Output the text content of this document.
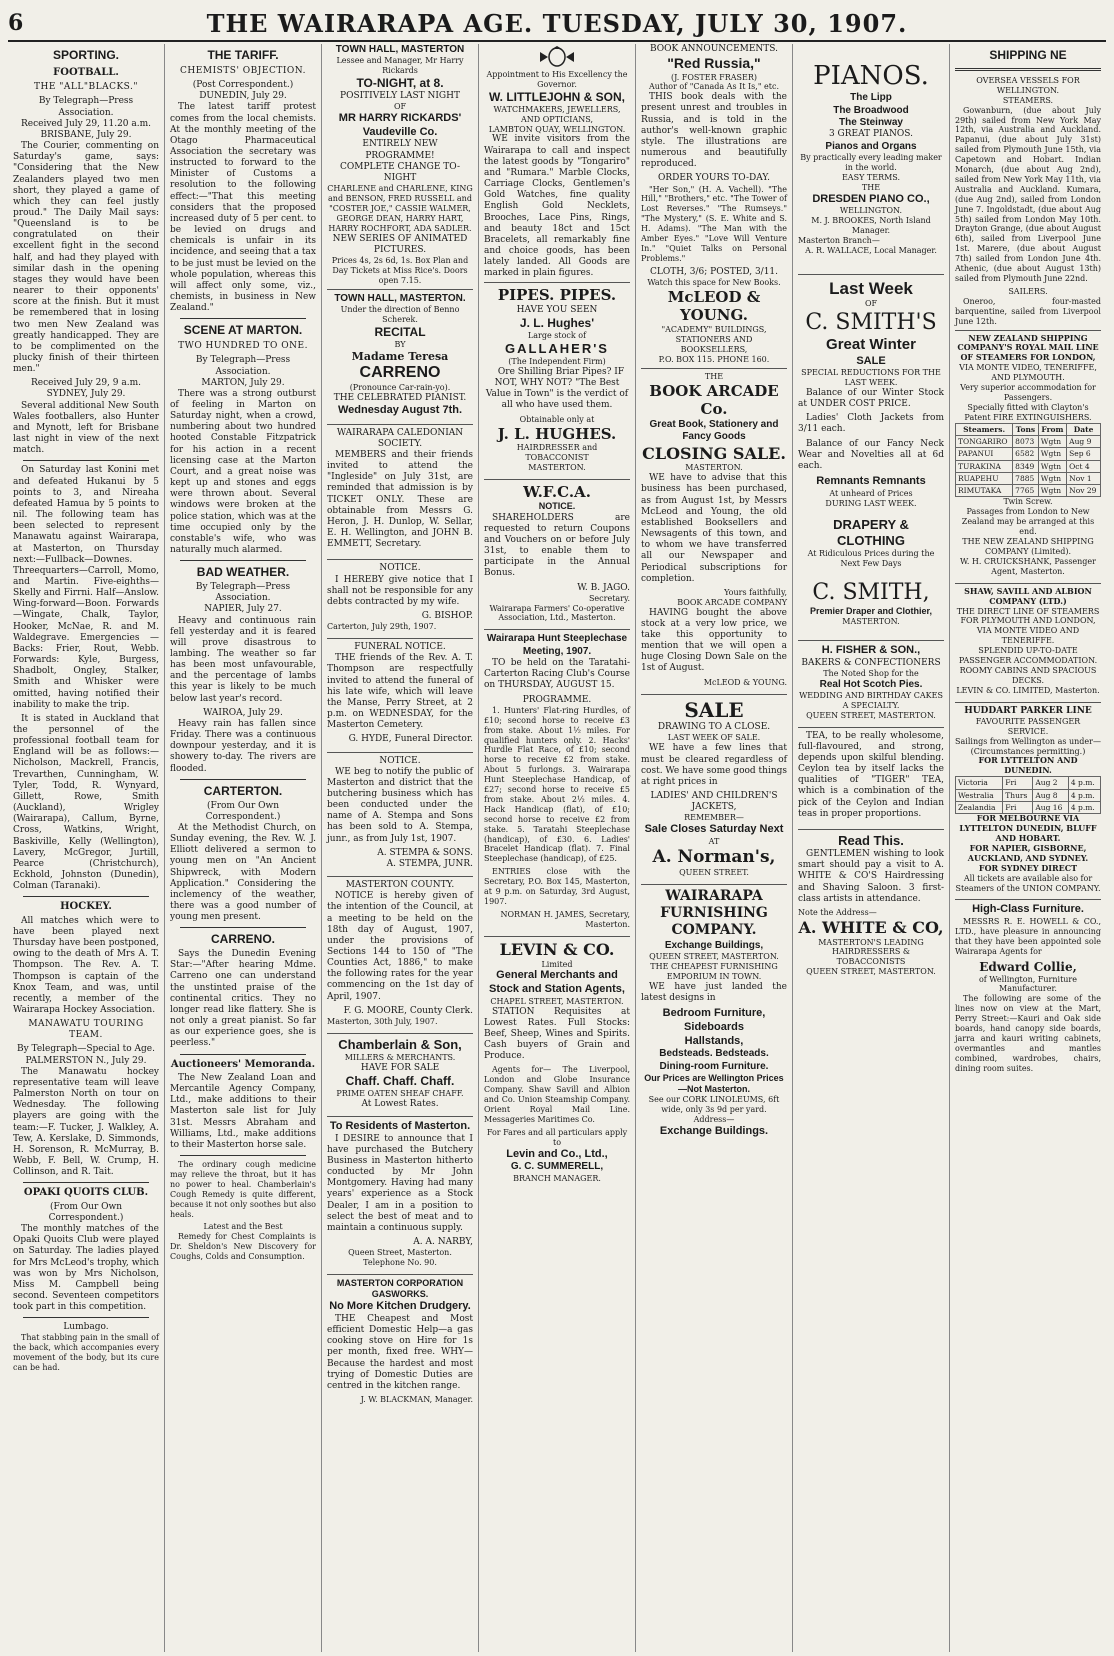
6	THE WAIRARAPA AGE. TUESDAY, JULY 30, 1907.
SPORTING.
FOOTBALL.
THE "ALL"BLACKS."
By Telegraph—Press Association.
Received July 29, 11.20 a.m.
BRISBANE, July 29.

The Courier, commenting on Saturday's game, says: "Considering that the New Zealanders played two men short, they played a game of which they can feel justly proud." The Daily Mail says: "Queensland is to be congratulated on their excellent fight in the second half, and had they played with similar dash in the opening stages they would have been nearer to their opponents' score at the finish. But it must be remembered that in losing two men New Zealand was greatly handicapped. They are to be complimented on the plucky finish of their thirteen men."

Received July 29, 9 a.m.
SYDNEY, July 29.

Several additional New South Wales footballers, also Hunter and Mynott, left for Brisbane last night in view of the next match.

On Saturday last Konini met and defeated Hukanui by 5 points to 3, and Nireaha defeated Hamua by 5 points to nil. The following team has been selected to represent Manawatu against Wairarapa, at Masterton, on Thursday next:—Fullback—Downes. Threequarters—Carroll, Momo, and Martin. Five-eighths—Skelly and Firrni. Half—Anslow. Wing-forward—Boon. Forwards—Wingate, Chalk, Taylor, Hooker, McNae, R. and M. Waldegrave. Emergencies — Backs: Frier, Rout, Webb. Forwards: Kyle, Burgess, Shadbolt, Ongley, Stalker, Smith and Whisker were omitted, having notified their inability to make the trip.

It is stated in Auckland that the personnel of the professional football team for England will be as follows:—Nicholson, Mackrell, Francis, Trevarthen, Cunningham, W. Tyler, Todd, R. Wynyard, Gillett, Rowe, Smith (Auckland), Wrigley (Wairarapa), Callum, Byrne, Cross, Watkins, Wright, Baskiville, Kelly (Wellington), Lavery, McGregor, Jurtill, Pearce (Christchurch), Eckhold, Johnston (Dunedin), Colman (Taranaki).

HOCKEY.

All matches which were to have been played next Thursday have been postponed, owing to the death of Mrs A. T. Thompson. The Rev. A. T. Thompson is captain of the Knox Team, and was, until recently, a member of the Wairarapa Hockey Association.

MANAWATU TOURING TEAM.
By Telegraph—Special to Age.
PALMERSTON N., July 29.

The Manawatu hockey representative team will leave Palmerston North on tour on Wednesday. The following players are going with the team:—F. Tucker, J. Walkley, A. Tew, A. Kerslake, D. Simmonds, H. Sorenson, R. McMurray, B. Webb, F. Bell, W. Crump, H. Collinson, and R. Tait.

OPAKI QUOITS CLUB.
(From Our Own Correspondent.)

The monthly matches of the Opaki Quoits Club were played on Saturday. The ladies played for Mrs McLeod's trophy, which was won by Mrs Nicholson, Miss M. Campbell being second. Seventeen competitors took part in this competition.

Lumbago.

That stabbing pain in the small of the back, which accompanies every movement of the body, but its cure can be had.

THE TARIFF.
CHEMISTS' OBJECTION.
(Post Correspondent.)
DUNEDIN, July 29.

The latest tariff protest comes from the local chemists. At the monthly meeting of the Otago Pharmaceutical Association the secretary was instructed to forward to the Minister of Customs a resolution to the following effect:—"That this meeting considers that the proposed increased duty of 5 per cent. to be levied on drugs and chemicals is unfair in its incidence, and seeing that a tax to be just must be levied on the whole population, whereas this will affect only some, viz., chemists, in business in New Zealand."

SCENE AT MARTON.
TWO HUNDRED TO ONE.
By Telegraph—Press Association.
MARTON, July 29.

There was a strong outburst of feeling in Marton on Saturday night, when a crowd, numbering about two hundred hooted Constable Fitzpatrick for his action in a recent licensing case at the Marton Court, and a great noise was kept up and stones and eggs were thrown about. Several windows were broken at the police station, which was at the time occupied only by the constable's wife, who was naturally much alarmed.

BAD WEATHER.
By Telegraph—Press Association.
NAPIER, July 27.

Heavy and continuous rain fell yesterday and it is feared will prove disastrous to lambing. The weather so far has been most unfavourable, and the percentage of lambs this year is likely to be much below last year's record.

WAIROA, July 29.

Heavy rain has fallen since Friday. There was a continuous downpour yesterday, and it is showery to-day. The rivers are flooded.

CARTERTON.
(From Our Own Correspondent.)

At the Methodist Church, on Sunday evening, the Rev. W. J. Elliott delivered a sermon to young men on "An Ancient Shipwreck, with Modern Application." Considering the inclemency of the weather, there was a good number of young men present.

CARRENO.

Says the Dunedin Evening Star:—"After hearing Mdme. Carreno one can understand the unstinted praise of the continental critics. They no longer read like flattery. She is not only a great pianist. So far as our experience goes, she is peerless."

Auctioneers' Memoranda.

The New Zealand Loan and Mercantile Agency Company, Ltd., make additions to their Masterton sale list for July 31st. Messrs Abraham and Williams, Ltd., make additions to their Masterton horse sale.

The ordinary cough medicine may relieve the throat, but it has no power to heal. Chamberlain's Cough Remedy is quite different, because it not only soothes but also heals.

Latest and the Best

Remedy for Chest Complaints is Dr. Sheldon's New Discovery for Coughs, Colds and Consumption.

TOWN HALL, MASTERTON
Lessee and Manager, Mr Harry Rickards
TO-NIGHT, at 8.
POSITIVELY LAST NIGHT
OF
MR HARRY RICKARDS'
Vaudeville Co.
ENTIRELY NEW PROGRAMME!
COMPLETE CHANGE TO-NIGHT
CHARLENE and CHARLENE, KING and BENSON, FRED RUSSELL and "COSTER JOE," CASSIE WALMER, GEORGE DEAN, HARRY HART, HARRY ROCHFORT, ADA SADLER.
NEW SERIES OF ANIMATED PICTURES.
Prices 4s, 2s 6d, 1s. Box Plan and Day Tickets at Miss Rice's. Doors open 7.15.
TOWN HALL, MASTERTON.
Under the direction of Benno Scherek.
RECITAL
BY
Madame Teresa
CARRENO
(Pronounce Car-rain-yo).
THE CELEBRATED PIANIST.
Wednesday August 7th.
WAIRARAPA CALEDONIAN SOCIETY.

MEMBERS and their friends invited to attend the "Ingleside" on July 31st, are reminded that admission is by TICKET ONLY. These are obtainable from Messrs G. Heron, J. H. Dunlop, W. Sellar, E. H. Wellington, and JOHN B. EMMETT, Secretary.

NOTICE.

I HEREBY give notice that I shall not be responsible for any debts contracted by my wife.

G. BISHOP.
Carterton, July 29th, 1907.
FUNERAL NOTICE.

THE friends of the Rev. A. T. Thompson are respectfully invited to attend the funeral of his late wife, which will leave the Manse, Perry Street, at 2 p.m. on WEDNESDAY, for the Masterton Cemetery.

G. HYDE, Funeral Director.
NOTICE.

WE beg to notify the public of Masterton and district that the butchering business which has been conducted under the name of A. Stempa and Sons has been sold to A. Stempa, junr., as from July 1st, 1907.

A. STEMPA & SONS.
A. STEMPA, JUNR.
MASTERTON COUNTY.

NOTICE is hereby given of the intention of the Council, at a meeting to be held on the 18th day of August, 1907, under the provisions of Sections 144 to 150 of "The Counties Act, 1886," to make the following rates for the year commencing on the 1st day of April, 1907.

F. G. MOORE, County Clerk.
Masterton, 30th July, 1907.
Chamberlain & Son,
MILLERS & MERCHANTS.
HAVE FOR SALE
Chaff. Chaff. Chaff.
PRIME OATEN SHEAF CHAFF.
At Lowest Rates.
To Residents of Masterton.

I DESIRE to announce that I have purchased the Butchery Business in Masterton hitherto conducted by Mr John Montgomery. Having had many years' experience as a Stock Dealer, I am in a position to select the best of meat and to maintain a continuous supply.

A. A. NARBY,
Queen Street, Masterton. Telephone No. 90.
MASTERTON CORPORATION GASWORKS.
No More Kitchen Drudgery.

THE Cheapest and Most efficient Domestic Help—a gas cooking stove on Hire for 1s per month, fixed free. WHY—Because the hardest and most trying of Domestic Duties are centred in the kitchen range.

J. W. BLACKMAN, Manager.
Appointment to His Excellency the Governor.
W. LITTLEJOHN & SON,
WATCHMAKERS, JEWELLERS, AND OPTICIANS,
LAMBTON QUAY, WELLINGTON.

WE invite visitors from the Wairarapa to call and inspect the latest goods by "Tongariro" and "Rumara." Marble Clocks, Carriage Clocks, Gentlemen's Gold Watches, fine quality English Gold Necklets, Brooches, Lace Pins, Rings, and beauty 18ct and 15ct Bracelets, all remarkably fine and choice goods, has been lately landed. All Goods are marked in plain figures.

PIPES. PIPES.
HAVE YOU SEEN
J. L. Hughes'
Large stock of
GALLAHER'S
(The Independent Firm)

Ore Shilling Briar Pipes? IF NOT, WHY NOT? "The Best Value in Town" is the verdict of all who have used them.

Obtainable only at
J. L. HUGHES.
HAIRDRESSER and TOBACCONIST
MASTERTON.
W.F.C.A.
NOTICE.

SHAREHOLDERS are requested to return Coupons and Vouchers on or before July 31st, to enable them to participate in the Annual Bonus.

W. B. JAGO.
Secretary.
Wairarapa Farmers' Co-operative Association, Ltd., Masterton.
Wairarapa Hunt Steeplechase Meeting, 1907.

TO be held on the Taratahi-Carterton Racing Club's Course on THURSDAY, AUGUST 15.

PROGRAMME.

1. Hunters' Flat-ring Hurdles, of £10; second horse to receive £3 from stake. About 1½ miles. For qualified hunters only. 2. Hacks' Hurdle Flat Race, of £10; second horse to receive £2 from stake. About 5 furlongs. 3. Wairarapa Hunt Steeplechase Handicap, of £27; second horse to receive £5 from stake. About 2½ miles. 4. Hack Handicap (flat), of £10; second horse to receive £2 from stake. 5. Taratahi Steeplechase (handicap), of £30. 6. Ladies' Bracelet Handicap (flat). 7. Final Steeplechase (handicap), of £25.

ENTRIES close with the Secretary, P.O. Box 145, Masterton, at 9 p.m. on Saturday, 3rd August, 1907.

NORMAN H. JAMES, Secretary, Masterton.
LEVIN & CO.
Limited
General Merchants and Stock and Station Agents,
CHAPEL STREET, MASTERTON.

STATION Requisites at Lowest Rates. Full Stocks: Beef, Sheep, Wines and Spirits. Cash buyers of Grain and Produce.

Agents for— The Liverpool, London and Globe Insurance Company. Shaw Savill and Albion and Co. Union Steamship Company. Orient Royal Mail Line. Messageries Maritimes Co.

For Fares and all particulars apply to
Levin and Co., Ltd.,
G. C. SUMMERELL,
BRANCH MANAGER.
BOOK ANNOUNCEMENTS.
"Red Russia,"
(J. FOSTER FRASER)
Author of "Canada As It Is," etc.

THIS book deals with the present unrest and troubles in Russia, and is told in the author's well-known graphic style. The illustrations are numerous and beautifully reproduced.

ORDER YOURS TO-DAY.

"Her Son," (H. A. Vachell). "The Hill," "Brothers," etc. "The Tower of Lost Reverses." "The Rumseys." "The Mystery," (S. E. White and S. H. Adams). "The Man with the Amber Eyes." "Love Will Venture In." "Quiet Talks on Personal Problems."

CLOTH, 3/6; POSTED, 3/11.
Watch this space for New Books.
McLEOD & YOUNG.
"ACADEMY" BUILDINGS,
STATIONERS AND BOOKSELLERS,
P.O. BOX 115. PHONE 160.
THE
BOOK ARCADE Co.
Great Book, Stationery and Fancy Goods
CLOSING SALE.
MASTERTON.

WE have to advise that this business has been purchased, as from August 1st, by Messrs McLeod and Young, the old established Booksellers and Newsagents of this town, and to whom we have transferred all our Newspaper and Periodical subscriptions for completion.

Yours faithfully,
BOOK ARCADE COMPANY

HAVING bought the above stock at a very low price, we take this opportunity to mention that we will open a huge Closing Down Sale on the 1st of August.

McLEOD & YOUNG.
SALE
DRAWING TO A CLOSE.
LAST WEEK OF SALE.

WE have a few lines that must be cleared regardless of cost. We have some good things at right prices in

LADIES' AND CHILDREN'S JACKETS,
REMEMBER—
Sale Closes Saturday Next
AT
A. Norman's,
QUEEN STREET.
WAIRARAPA FURNISHING COMPANY.
Exchange Buildings,
QUEEN STREET, MASTERTON.
THE CHEAPEST FURNISHING EMPORIUM IN TOWN.

WE have just landed the latest designs in

Bedroom Furniture,
Sideboards
Hallstands,
Bedsteads. Bedsteads.
Dining-room Furniture.
Our Prices are Wellington Prices—Not Masterton.
See our CORK LINOLEUMS, 6ft wide, only 3s 9d per yard.
Address—
Exchange Buildings.
PIANOS.
The Lipp
The Broadwood
The Steinway
3 GREAT PIANOS.
Pianos and Organs
By practically every leading maker in the world.
EASY TERMS.
THE
DRESDEN PIANO CO.,
WELLINGTON.
M. J. BROOKES, North Island Manager.
Masterton Branch—
A. R. WALLACE, Local Manager.
Last Week
OF
C. SMITH'S
Great Winter
SALE
SPECIAL REDUCTIONS FOR THE LAST WEEK.

Balance of our Winter Stock at UNDER COST PRICE.

Ladies' Cloth Jackets from 3/11 each.

Balance of our Fancy Neck Wear and Novelties all at 6d each.

Remnants Remnants
At unheard of Prices
DURING LAST WEEK.
DRAPERY & CLOTHING
At Ridiculous Prices during the Next Few Days
C. SMITH,
Premier Draper and Clothier,
MASTERTON.
H. FISHER & SON.,
BAKERS & CONFECTIONERS
The Noted Shop for the
Real Hot Scotch Pies.
WEDDING AND BIRTHDAY CAKES A SPECIALTY.
QUEEN STREET, MASTERTON.

TEA, to be really wholesome, full-flavoured, and strong, depends upon skilful blending. Ceylon tea by itself lacks the qualities of "TIGER" TEA, which is a combination of the pick of the Ceylon and Indian teas in proper proportions.

Read This.

GENTLEMEN wishing to look smart should pay a visit to A. WHITE & CO'S Hairdressing and Shaving Saloon. 3 first-class artists in attendance.

Note the Address—
A. WHITE & CO,
MASTERTON'S LEADING HAIRDRESSERS & TOBACCONISTS
QUEEN STREET, MASTERTON.
SHIPPING NE
OVERSEA VESSELS FOR WELLINGTON.
STEAMERS.

Gowanburn, (due about July 29th) sailed from New York May 12th, via Australia and Auckland. Papanui, (due about July 31st) sailed from Plymouth June 15th, via Capetown and Hobart. Indian Monarch, (due about Aug 2nd), sailed from New York May 11th, via Australia and Auckland. Kumara, (due Aug 2nd), sailed from London June 7. Ingoldstadt, (due about Aug 5th) sailed from London May 10th. Drayton Grange, (due about August 6th), sailed from Liverpool June 1st. Marere, (due about August 7th) sailed from London June 4th. Athenic, (due about August 13th) sailed from Plymouth June 22nd.

SAILERS.

Oneroo, four-masted barquentine, sailed from Liverpool June 12th.

NEW ZEALAND SHIPPING COMPANY'S ROYAL MAIL LINE OF STEAMERS FOR LONDON,
VIA MONTE VIDEO, TENERIFFE, AND PLYMOUTH.
Very superior accommodation for Passengers.
Specially fitted with Clayton's Patent FIRE EXTINGUISHERS.
Steamers.	Tons	From	Date
TONGARIRO	8073	Wgtn	Aug 9
PAPANUI	6582	Wgtn	Sep 6
TURAKINA	8349	Wgtn	Oct 4
RUAPEHU	7885	Wgtn	Nov 1
RIMUTAKA	7765	Wgtn	Nov 29
Twin Screw.
Passages from London to New Zealand may be arranged at this end.
THE NEW ZEALAND SHIPPING COMPANY (Limited).
W. H. CRUICKSHANK, Passenger Agent, Masterton.
SHAW, SAVILL AND ALBION COMPANY (LTD.)
THE DIRECT LINE OF STEAMERS FOR PLYMOUTH AND LONDON, VIA MONTE VIDEO AND TENERIFFE.
SPLENDID UP-TO-DATE PASSENGER ACCOMMODATION.
ROOMY CABINS AND SPACIOUS DECKS.
LEVIN & CO. LIMITED, Masterton.
HUDDART PARKER LINE
FAVOURITE PASSENGER SERVICE.
Sailings from Wellington as under—(Circumstances permitting.)
FOR LYTTELTON AND DUNEDIN.
Victoria	Fri	Aug 2	4 p.m.
Westralia	Thurs	Aug 8	4 p.m.
Zealandia	Fri	Aug 16	4 p.m.
FOR MELBOURNE VIA LYTTELTON DUNEDIN, BLUFF AND HOBART.
FOR NAPIER, GISBORNE, AUCKLAND, AND SYDNEY.
FOR SYDNEY DIRECT
All tickets are available also for Steamers of the UNION COMPANY.
High-Class Furniture.

MESSRS R. E. HOWELL & CO., LTD., have pleasure in announcing that they have been appointed sole Wairarapa Agents for

Edward Collie,
of Wellington, Furniture Manufacturer.

The following are some of the lines now on view at the Mart, Perry Street:—Kauri and Oak side boards, hand canopy side boards, jarra and kauri writing cabinets, overmantles and mantles combined, wardrobes, chairs, dining room suites.
